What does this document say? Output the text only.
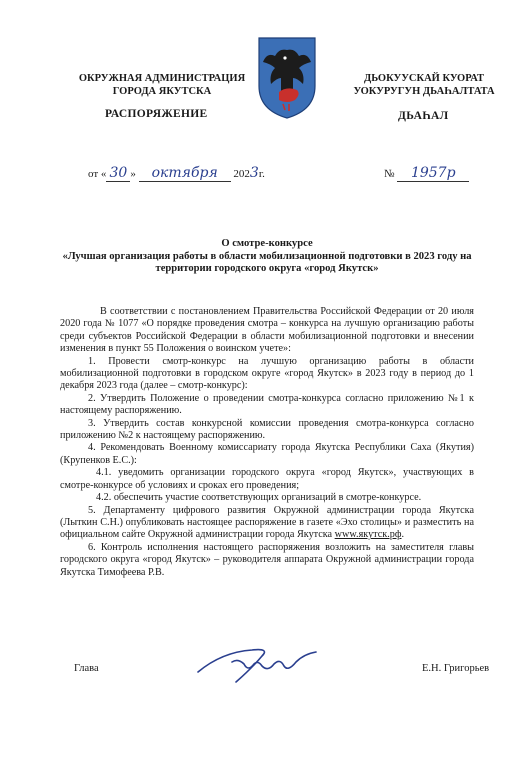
ОКРУЖНАЯ АДМИНИСТРАЦИЯ
ГОРОДА ЯКУТСКА
РАСПОРЯЖЕНИЕ
ДЬОКУУСКАЙ КУОРАТ
УОКУРУГУН ДЬАҺАЛТАТА
ДЬАҺАЛ
от « 30 » октября 2023г.	№ 1957р
О смотре-конкурсе
«Лучшая организация работы в области мобилизационной подготовки в 2023 году на территории городского округа «город Якутск»

В соответствии с постановлением Правительства Российской Федерации от 20 июля 2020 года № 1077 «О порядке проведения смотра – конкурса на лучшую организацию работы среди субъектов Российской Федерации в области мобилизационной подготовки и внесении изменения в пункт 55 Положения о воинском учете»:

1. Провести смотр-конкурс на лучшую организацию работы в области мобилизационной подготовки в городском округе «город Якутск» в 2023 году в период до 1 декабря 2023 года (далее – смотр-конкурс):

2. Утвердить Положение о проведении смотра-конкурса согласно приложению №1 к настоящему распоряжению.

3. Утвердить состав конкурсной комиссии проведения смотра-конкурса согласно приложению №2 к настоящему распоряжению.

4. Рекомендовать Военному комиссариату города Якутска Республики Саха (Якутия) (Крупенков Е.С.):

4.1. уведомить организации городского округа «город Якутск», участвующих в смотре-конкурсе об условиях и сроках его проведения;

4.2. обеспечить участие соответствующих организаций в смотре-конкурсе.

5. Департаменту цифрового развития Окружной администрации города Якутска (Лыткин С.Н.) опубликовать настоящее распоряжение в газете «Эхо столицы» и разместить на официальном сайте Окружной администрации города Якутска www.якутск.рф.

6. Контроль исполнения настоящего распоряжения возложить на заместителя главы городского округа «город Якутск» – руководителя аппарата Окружной администрации города Якутска Тимофеева Р.В.

Глава	Е.Н. Григорьев
